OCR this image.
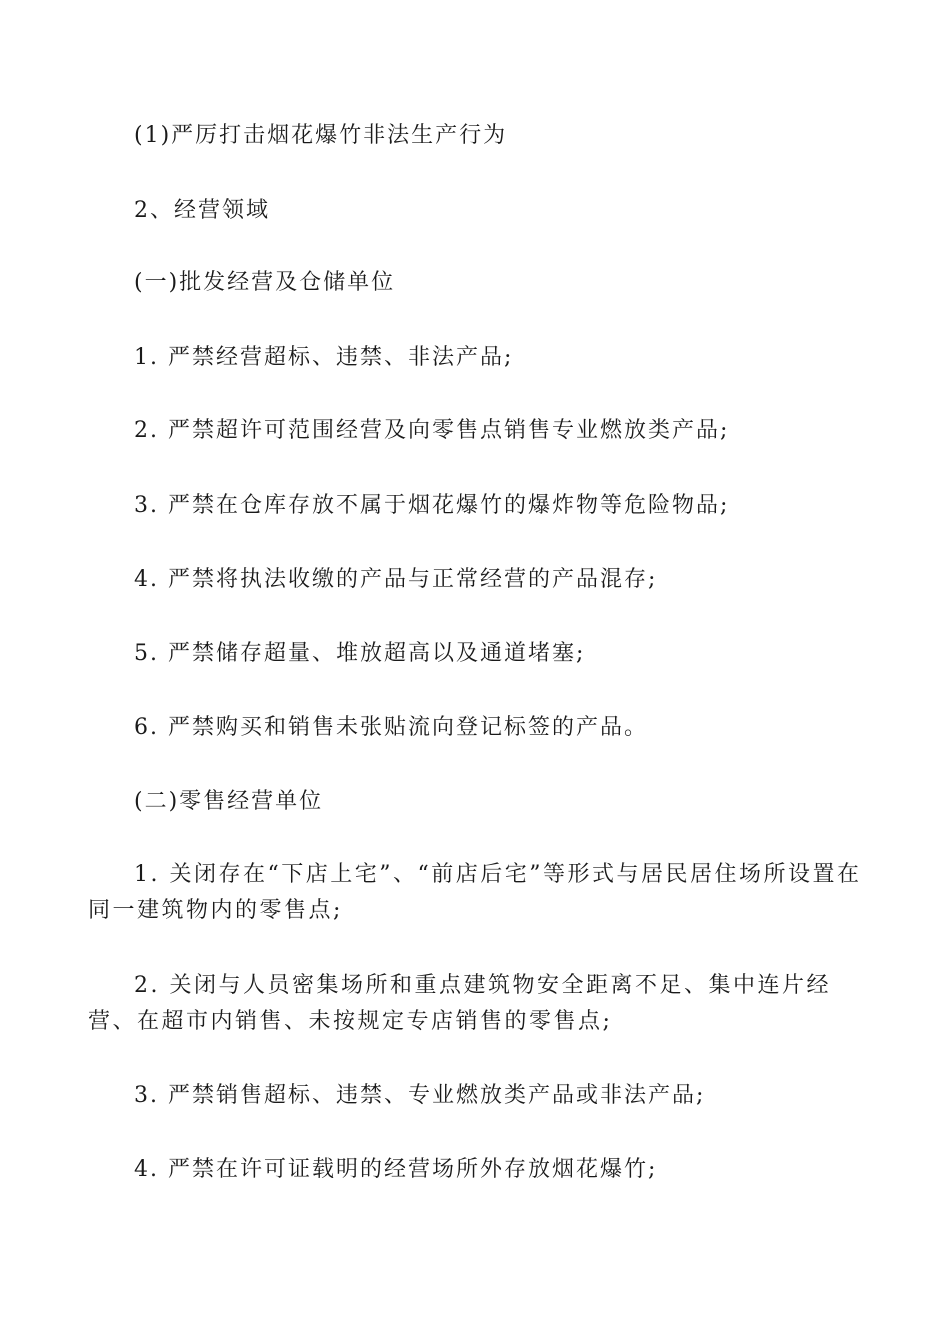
(1)严厉打击烟花爆竹非法生产行为
2、经营领域
(一)批发经营及仓储单位
1. 严禁经营超标、违禁、非法产品;
2. 严禁超许可范围经营及向零售点销售专业燃放类产品;
3. 严禁在仓库存放不属于烟花爆竹的爆炸物等危险物品;
4. 严禁将执法收缴的产品与正常经营的产品混存;
5. 严禁储存超量、堆放超高以及通道堵塞;
6. 严禁购买和销售未张贴流向登记标签的产品。
(二)零售经营单位
1. 关闭存在“下店上宅”、“前店后宅”等形式与居民居住场所设置在同一建筑物内的零售点;
2. 关闭与人员密集场所和重点建筑物安全距离不足、集中连片经营、在超市内销售、未按规定专店销售的零售点;
3. 严禁销售超标、违禁、专业燃放类产品或非法产品;
4. 严禁在许可证载明的经营场所外存放烟花爆竹;
